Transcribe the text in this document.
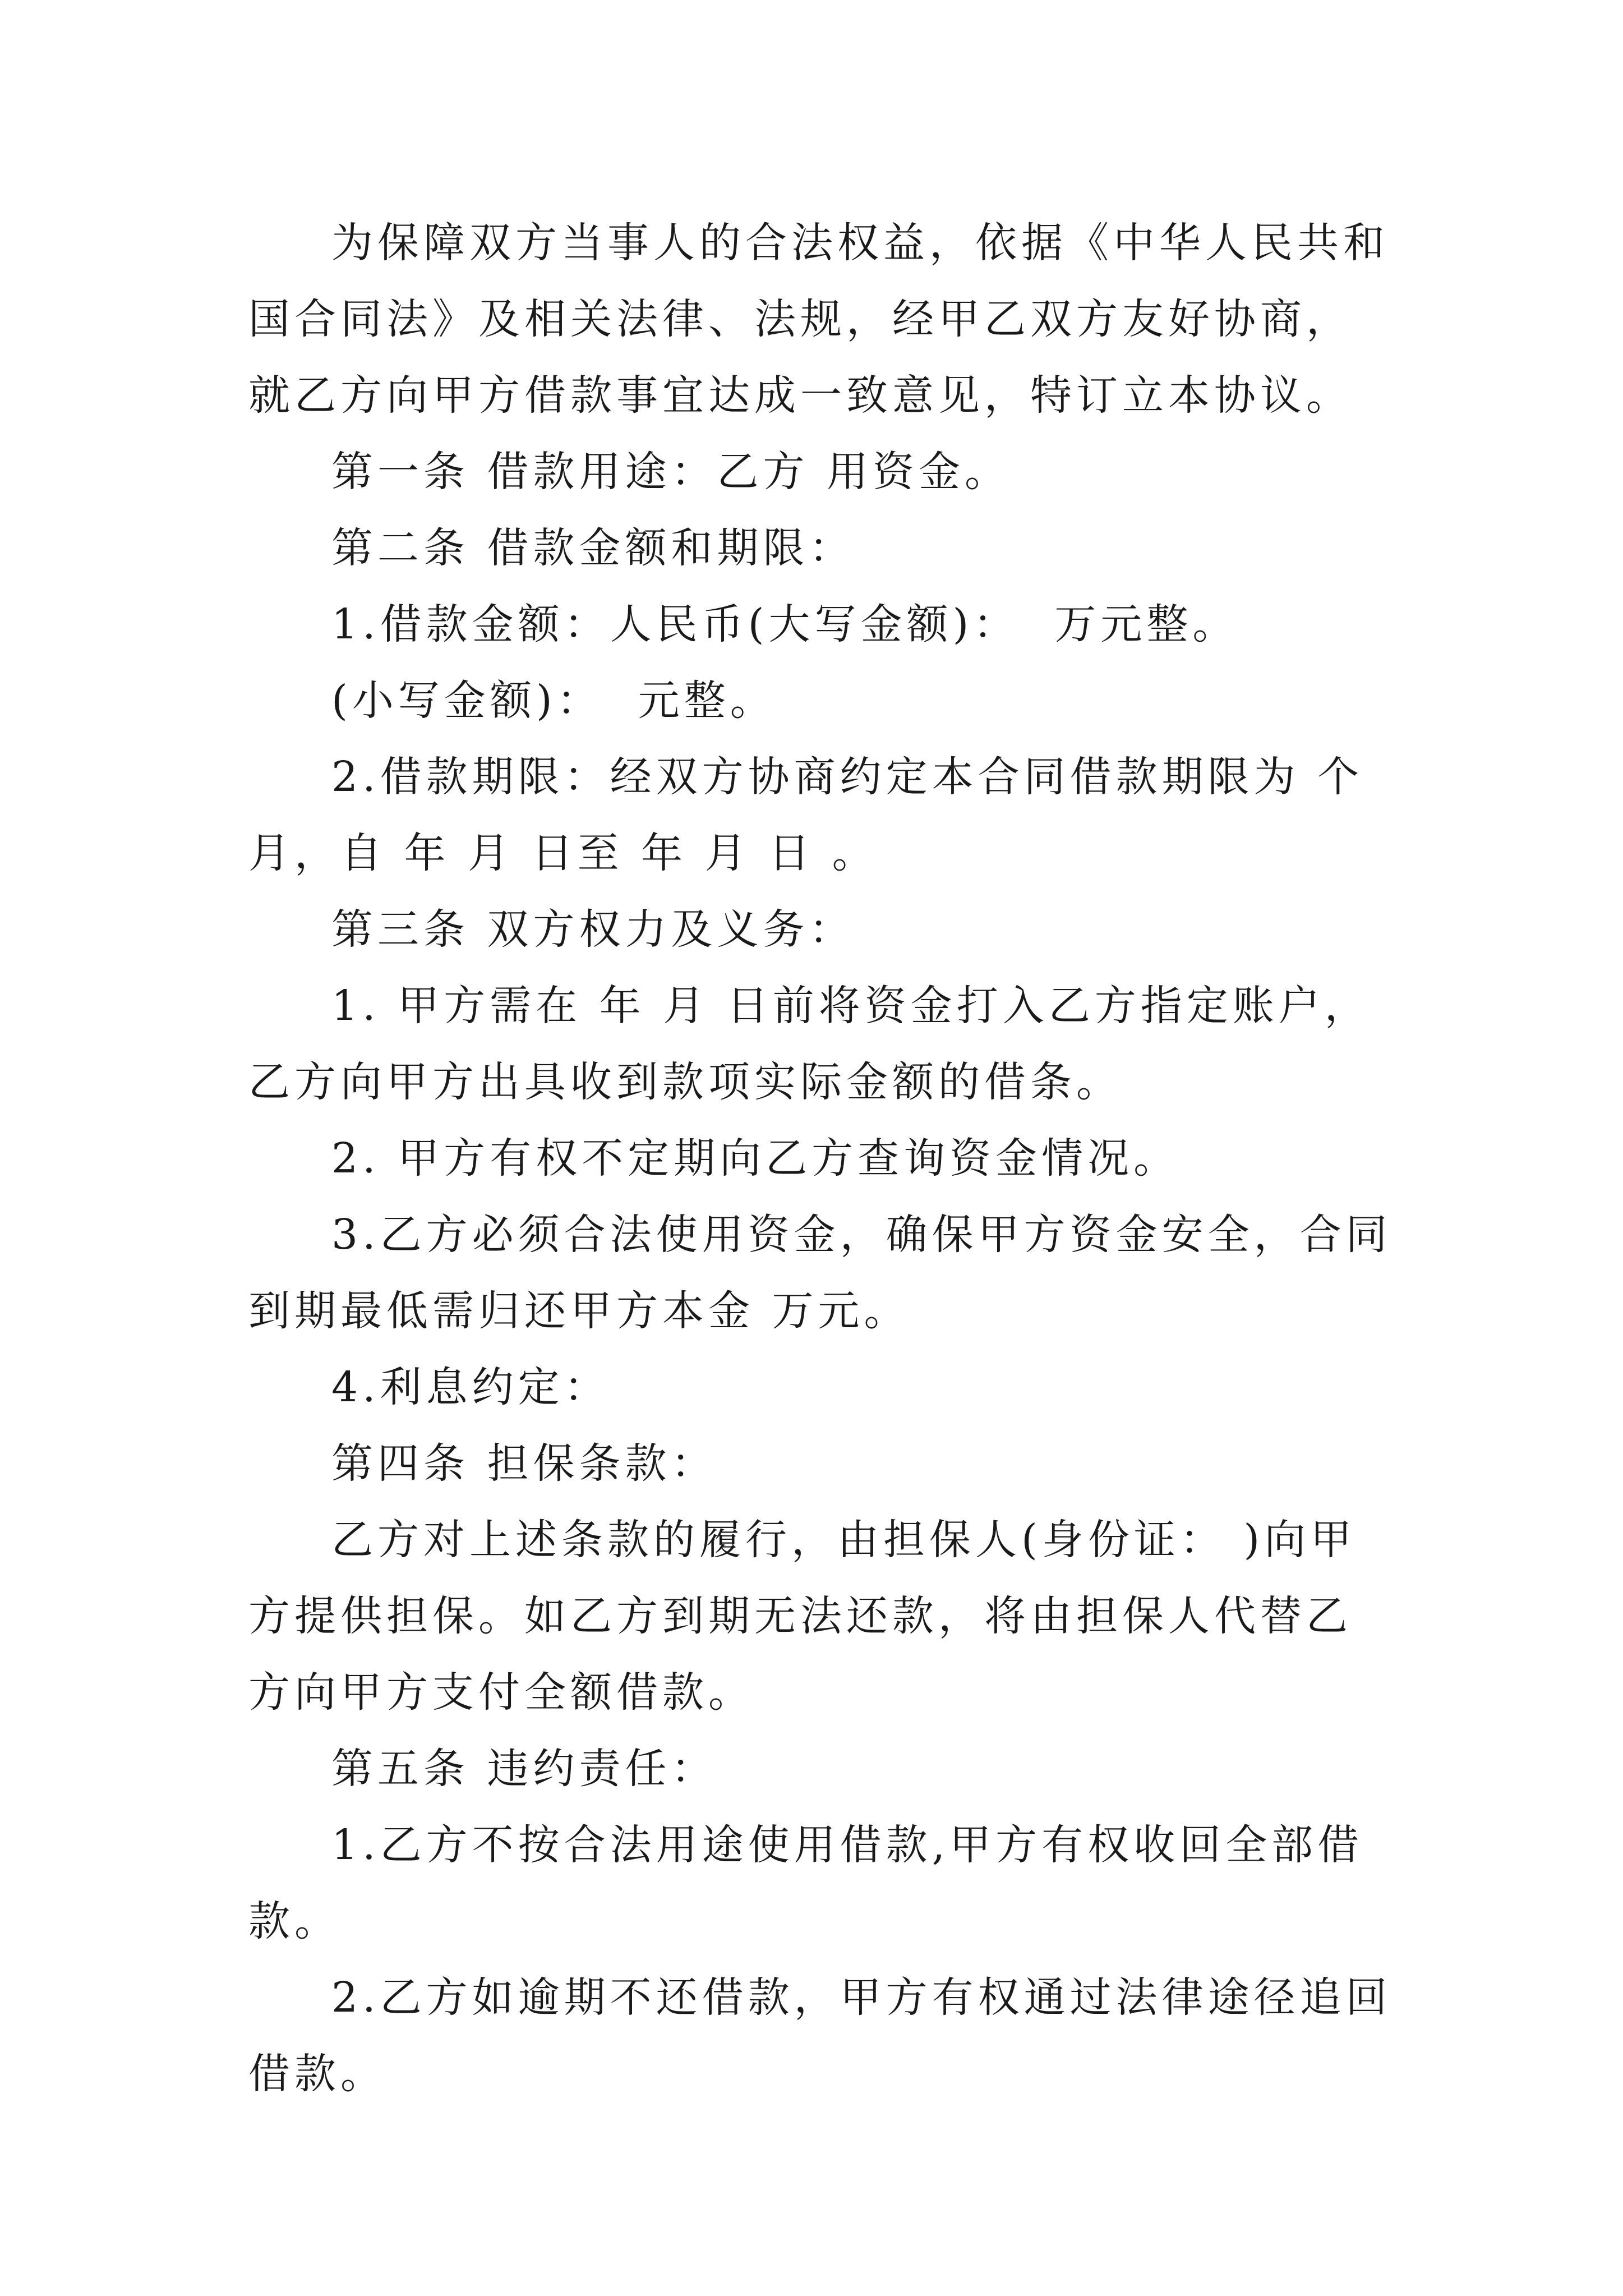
为保障双方当事人的合法权益，依据《中华人民共和国合同法》及相关法律、法规，经甲乙双方友好协商，就乙方向甲方借款事宜达成一致意见，特订立本协议。

第一条 借款用途：乙方 用资金。

第二条 借款金额和期限：

1.借款金额：人民币(大写金额)：  万元整。

(小写金额)：  元整。

2.借款期限：经双方协商约定本合同借款期限为 个月，自 年 月 日至 年 月 日 。

第三条 双方权力及义务：

1. 甲方需在 年 月 日前将资金打入乙方指定账户，乙方向甲方出具收到款项实际金额的借条。

2. 甲方有权不定期向乙方查询资金情况。

3.乙方必须合法使用资金，确保甲方资金安全，合同到期最低需归还甲方本金 万元。

4.利息约定：

第四条 担保条款：

乙方对上述条款的履行，由担保人(身份证： )向甲方提供担保。如乙方到期无法还款，将由担保人代替乙方向甲方支付全额借款。

第五条 违约责任：

1.乙方不按合法用途使用借款,甲方有权收回全部借款。

2.乙方如逾期不还借款，甲方有权通过法律途径追回借款。
